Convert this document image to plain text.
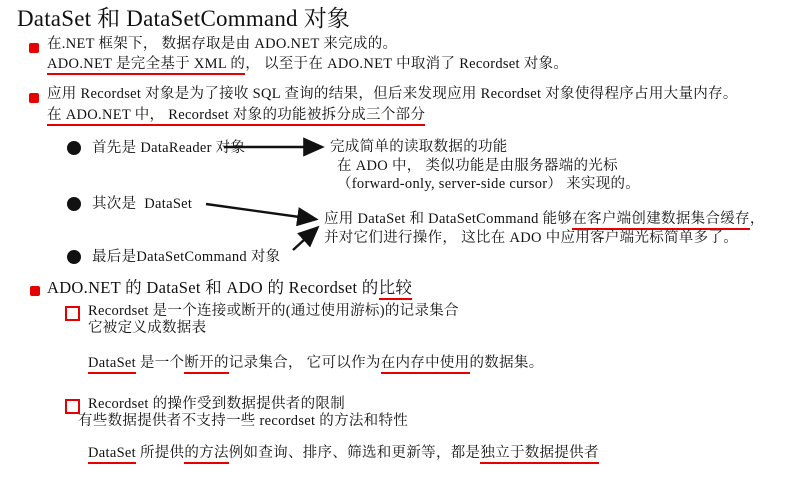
DataSet 和 DataSetCommand 对象
在.NET 框架下， 数据存取是由 ADO.NET 来完成的。
ADO.NET 是完全基于 XML 的， 以至于在 ADO.NET 中取消了 Recordset 对象。
应用 Recordset 对象是为了接收 SQL 查询的结果，但后来发现应用 Recordset 对象使得程序占用大量内存。
在 ADO.NET 中， Recordset 对象的功能被拆分成三个部分
首先是 DataReader 对象
其次是  DataSet
最后是DataSetCommand 对象
完成简单的读取数据的功能
在 ADO 中， 类似功能是由服务器端的光标
（forward-only, server-side cursor） 来实现的。
应用 DataSet 和 DataSetCommand 能够在客户端创建数据集合缓存，
并对它们进行操作， 这比在 ADO 中应用客户端光标简单多了。
ADO.NET 的 DataSet 和 ADO 的 Recordset 的比较
Recordset 是一个连接或断开的(通过使用游标)的记录集合
它被定义成数据表
DataSet 是一个断开的记录集合， 它可以作为在内存中使用的数据集。
Recordset 的操作受到数据提供者的限制
有些数据提供者不支持一些 recordset 的方法和特性
DataSet 所提供的方法例如查询、排序、筛选和更新等，都是独立于数据提供者
